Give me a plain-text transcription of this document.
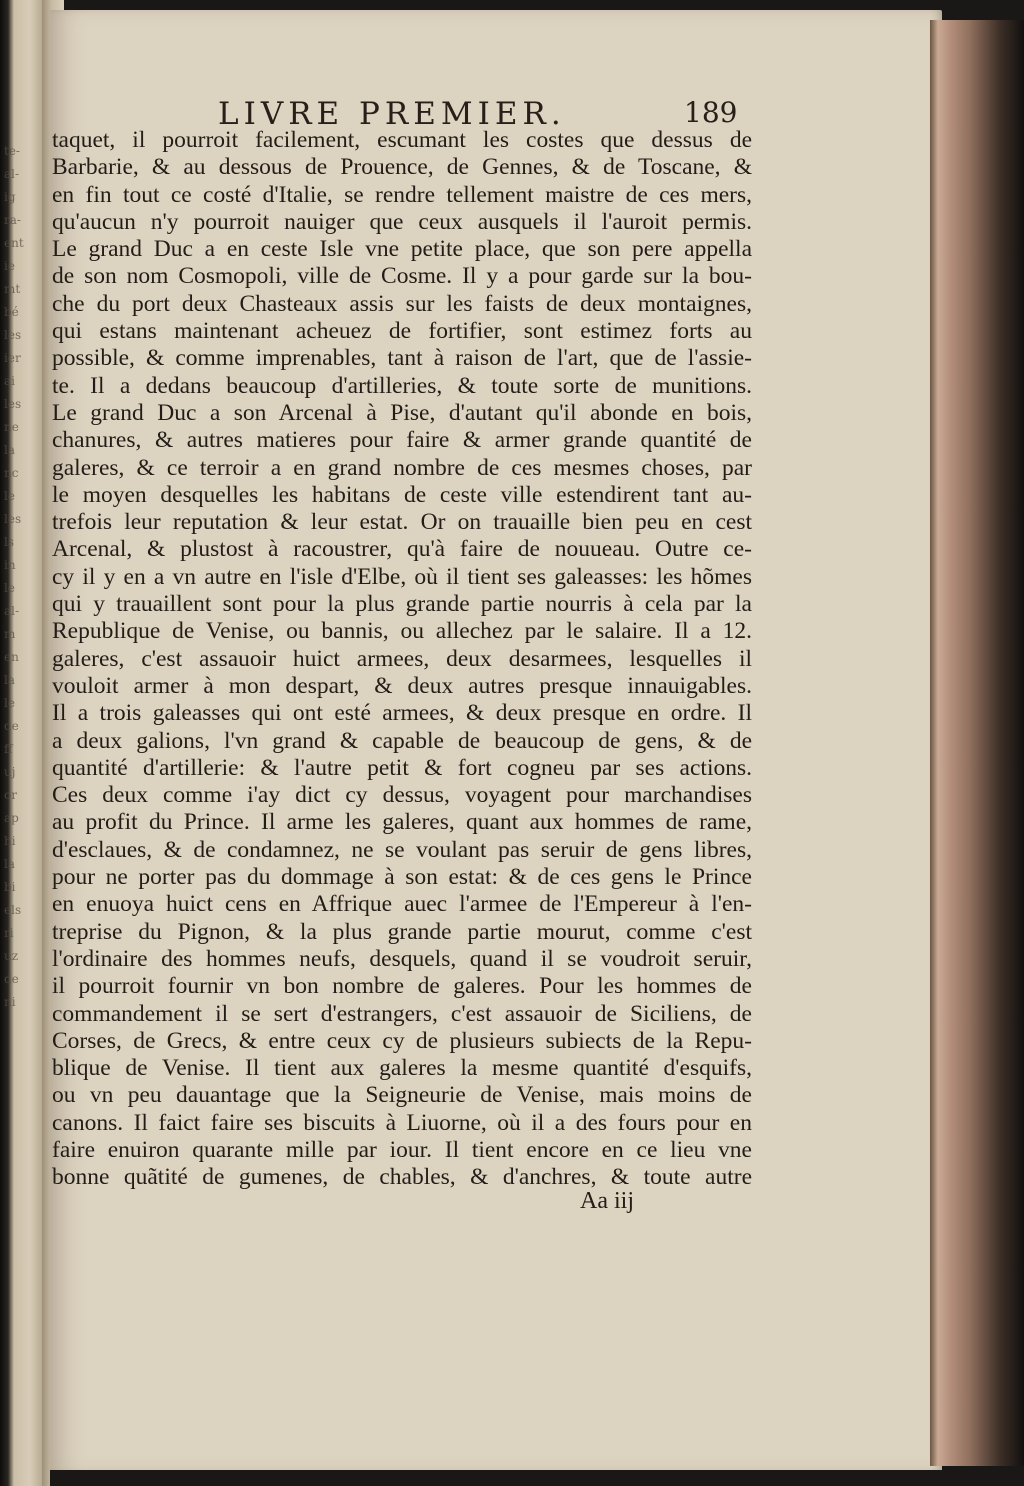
te-
al-
ig
ra-
ent
ie
mt
bé
les
ier
ai
les
ne
la
nc
le
les
ls
in
le
al-
m
en
la
le
de
ff
uj
or
ap
hi
la
bi
els
ri
uz
de
ni
LIVRE PREMIER.	189
taquet, il pourroit facilement, escumant les costes que dessus de
Barbarie, & au dessous de Prouence, de Gennes, & de Toscane, &
en fin tout ce costé d'Italie, se rendre tellement maistre de ces mers,
qu'aucun n'y pourroit nauiger que ceux ausquels il l'auroit permis.
Le grand Duc a en ceste Isle vne petite place, que son pere appella
de son nom Cosmopoli, ville de Cosme. Il y a pour garde sur la bou-
che du port deux Chasteaux assis sur les faists de deux montaignes,
qui estans maintenant acheuez de fortifier, sont estimez forts au
possible, & comme imprenables, tant à raison de l'art, que de l'assie-
te. Il a dedans beaucoup d'artilleries, & toute sorte de munitions.
Le grand Duc a son Arcenal à Pise, d'autant qu'il abonde en bois,
chanures, & autres matieres pour faire & armer grande quantité de
galeres, & ce terroir a en grand nombre de ces mesmes choses, par
le moyen desquelles les habitans de ceste ville estendirent tant au-
trefois leur reputation & leur estat. Or on trauaille bien peu en cest
Arcenal, & plustost à racoustrer, qu'à faire de nouueau. Outre ce-
cy il y en a vn autre en l'isle d'Elbe, où il tient ses galeasses: les hõmes
qui y trauaillent sont pour la plus grande partie nourris à cela par la
Republique de Venise, ou bannis, ou allechez par le salaire. Il a 12.
galeres, c'est assauoir huict armees, deux desarmees, lesquelles il
vouloit armer à mon despart, & deux autres presque innauigables.
Il a trois galeasses qui ont esté armees, & deux presque en ordre. Il
a deux galions, l'vn grand & capable de beaucoup de gens, & de
quantité d'artillerie: & l'autre petit & fort cogneu par ses actions.
Ces deux comme i'ay dict cy dessus, voyagent pour marchandises
au profit du Prince. Il arme les galeres, quant aux hommes de rame,
d'esclaues, & de condamnez, ne se voulant pas seruir de gens libres,
pour ne porter pas du dommage à son estat: & de ces gens le Prince
en enuoya huict cens en Affrique auec l'armee de l'Empereur à l'en-
treprise du Pignon, & la plus grande partie mourut, comme c'est
l'ordinaire des hommes neufs, desquels, quand il se voudroit seruir,
il pourroit fournir vn bon nombre de galeres. Pour les hommes de
commandement il se sert d'estrangers, c'est assauoir de Siciliens, de
Corses, de Grecs, & entre ceux cy de plusieurs subiects de la Repu-
blique de Venise. Il tient aux galeres la mesme quantité d'esquifs,
ou vn peu dauantage que la Seigneurie de Venise, mais moins de
canons. Il faict faire ses biscuits à Liuorne, où il a des fours pour en
faire enuiron quarante mille par iour. Il tient encore en ce lieu vne
bonne quãtité de gumenes, de chables, & d'anchres, & toute autre
Aa iij
